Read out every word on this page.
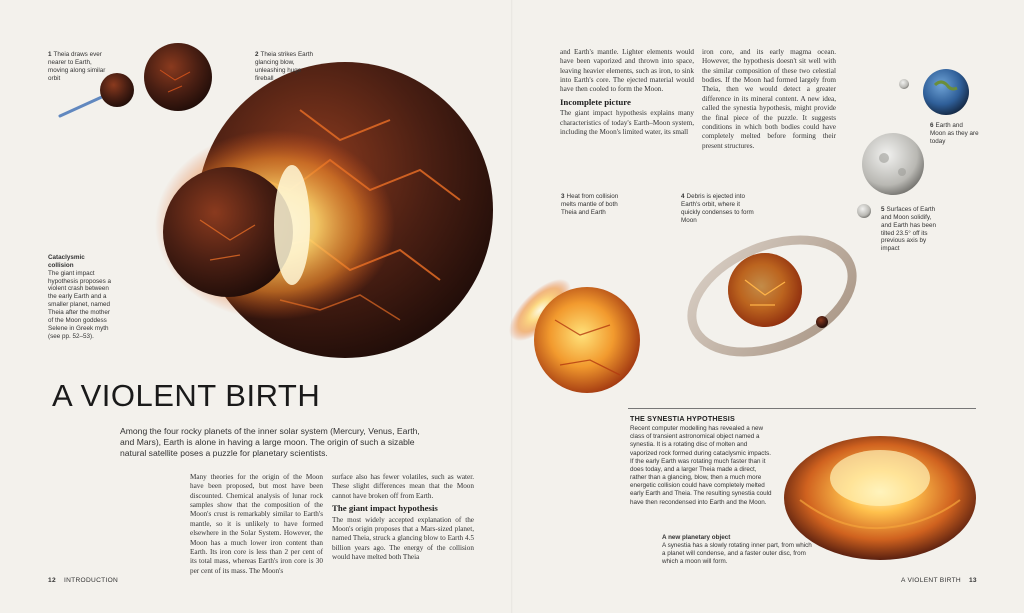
1 Theia draws ever nearer to Earth, moving along similar orbit
2 Theia strikes Earth glancing blow, unleashing huge fireball
3 Heat from collision melts mantle of both Theia and Earth
4 Debris is ejected into Earth's orbit, where it quickly condenses to form Moon
5 Surfaces of Earth and Moon solidify, and Earth has been tilted 23.5° off its previous axis by impact
6 Earth and Moon as they are today
Cataclysmic collision
The giant impact hypothesis proposes a violent crash between the early Earth and a smaller planet, named Theia after the mother of the Moon goddess Selene in Greek myth (see pp. 52–53).
A VIOLENT BIRTH
Among the four rocky planets of the inner solar system (Mercury, Venus, Earth, and Mars), Earth is alone in having a large moon. The origin of such a sizable natural satellite poses a puzzle for planetary scientists.

Many theories for the origin of the Moon have been proposed, but most have been discounted. Chemical analysis of lunar rock samples show that the composition of the Moon's crust is remarkably similar to Earth's mantle, so it is unlikely to have formed elsewhere in the Solar System. However, the Moon has a much lower iron content than Earth. Its iron core is less than 2 per cent of its total mass, whereas Earth's iron core is 30 per cent of its mass. The Moon's

surface also has fewer volatiles, such as water. These slight differences mean that the Moon cannot have broken off from Earth.

The giant impact hypothesis

The most widely accepted explanation of the Moon's origin proposes that a Mars-sized planet, named Theia, struck a glancing blow to Earth 4.5 billion years ago. The energy of the collision would have melted both Theia

and Earth's mantle. Lighter elements would have been vaporized and thrown into space, leaving heavier elements, such as iron, to sink into Earth's core. The ejected material would have then cooled to form the Moon.

Incomplete picture

The giant impact hypothesis explains many characteristics of today's Earth–Moon system, including the Moon's limited water, its small

iron core, and its early magma ocean. However, the hypothesis doesn't sit well with the similar composition of these two celestial bodies. If the Moon had formed largely from Theia, then we would detect a greater difference in its mineral content. A new idea, called the synestia hypothesis, might provide the final piece of the puzzle. It suggests conditions in which both bodies could have completely melted before forming their present structures.

THE SYNESTIA HYPOTHESIS
Recent computer modelling has revealed a new class of transient astronomical object named a synestia. It is a rotating disc of molten and vaporized rock formed during cataclysmic impacts. If the early Earth was rotating much faster than it does today, and a larger Theia made a direct, rather than a glancing, blow, then a much more energetic collision could have completely melted early Earth and Theia. The resulting synestia could have then recondensed into Earth and the Moon.
A new planetary object
A synestia has a slowly rotating inner part, from which a planet will condense, and a faster outer disc, from which a moon will form.
12 INTRODUCTION	A VIOLENT BIRTH 13
